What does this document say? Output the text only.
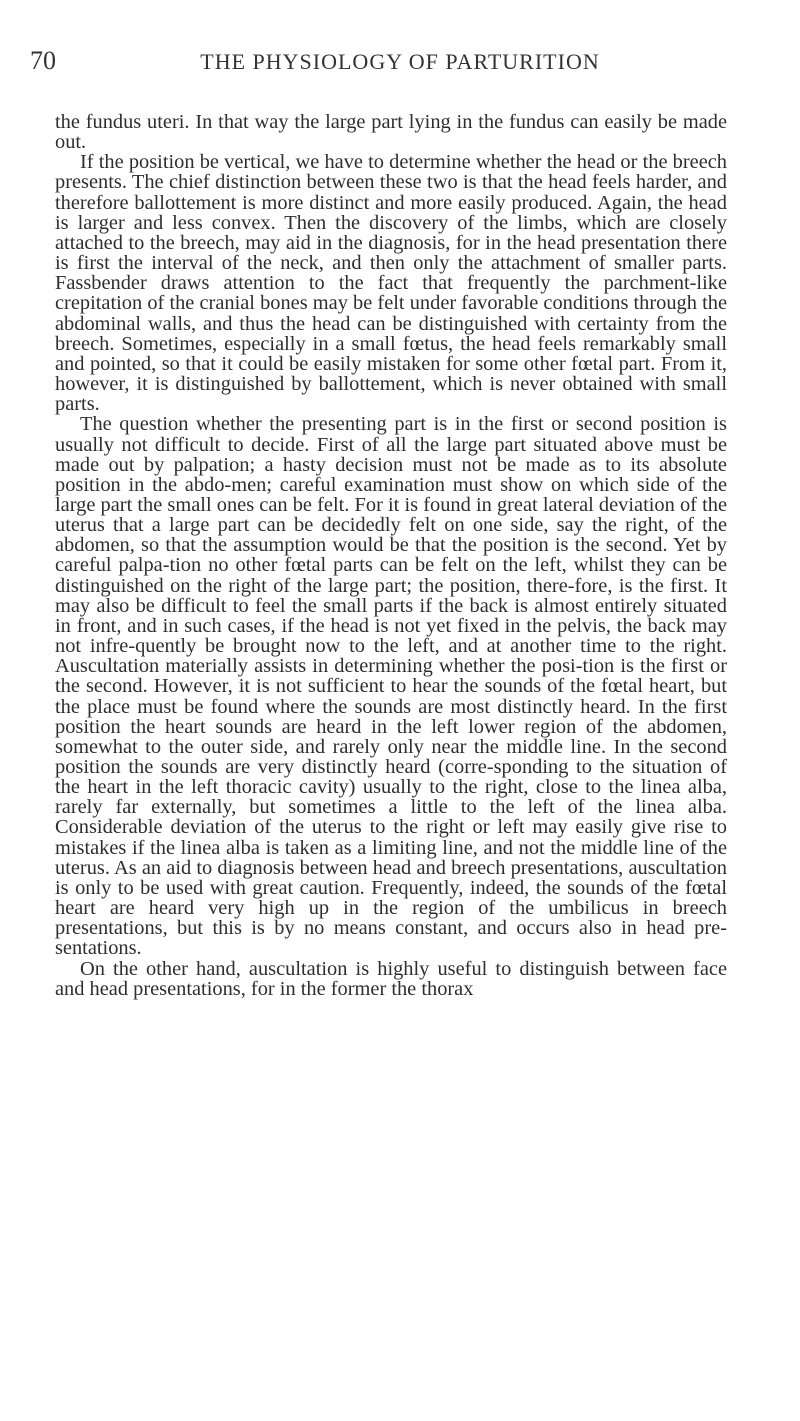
70	THE PHYSIOLOGY OF PARTURITION

the fundus uteri. In that way the large part lying in the fundus can easily be made out.

If the position be vertical, we have to determine whether the head or the breech presents. The chief distinction between these two is that the head feels harder, and therefore ballottement is more distinct and more easily produced. Again, the head is larger and less convex. Then the discovery of the limbs, which are closely attached to the breech, may aid in the diagnosis, for in the head presentation there is first the interval of the neck, and then only the attachment of smaller parts. Fassbender draws attention to the fact that frequently the parchment-like crepitation of the cranial bones may be felt under favorable conditions through the abdominal walls, and thus the head can be distinguished with certainty from the breech. Sometimes, especially in a small fœtus, the head feels remarkably small and pointed, so that it could be easily mistaken for some other fœtal part. From it, however, it is distinguished by ballottement, which is never obtained with small parts.

The question whether the presenting part is in the first or second position is usually not difficult to decide. First of all the large part situated above must be made out by palpation; a hasty decision must not be made as to its absolute position in the abdo-men; careful examination must show on which side of the large part the small ones can be felt. For it is found in great lateral deviation of the uterus that a large part can be decidedly felt on one side, say the right, of the abdomen, so that the assumption would be that the position is the second. Yet by careful palpa-tion no other fœtal parts can be felt on the left, whilst they can be distinguished on the right of the large part; the position, there-fore, is the first. It may also be difficult to feel the small parts if the back is almost entirely situated in front, and in such cases, if the head is not yet fixed in the pelvis, the back may not infre-quently be brought now to the left, and at another time to the right. Auscultation materially assists in determining whether the posi-tion is the first or the second. However, it is not sufficient to hear the sounds of the fœtal heart, but the place must be found where the sounds are most distinctly heard. In the first position the heart sounds are heard in the left lower region of the abdomen, somewhat to the outer side, and rarely only near the middle line. In the second position the sounds are very distinctly heard (corre-sponding to the situation of the heart in the left thoracic cavity) usually to the right, close to the linea alba, rarely far externally, but sometimes a little to the left of the linea alba. Considerable deviation of the uterus to the right or left may easily give rise to mistakes if the linea alba is taken as a limiting line, and not the middle line of the uterus. As an aid to diagnosis between head and breech presentations, auscultation is only to be used with great caution. Frequently, indeed, the sounds of the fœtal heart are heard very high up in the region of the umbilicus in breech presentations, but this is by no means constant, and occurs also in head pre-sentations.

On the other hand, auscultation is highly useful to distinguish between face and head presentations, for in the former the thorax
